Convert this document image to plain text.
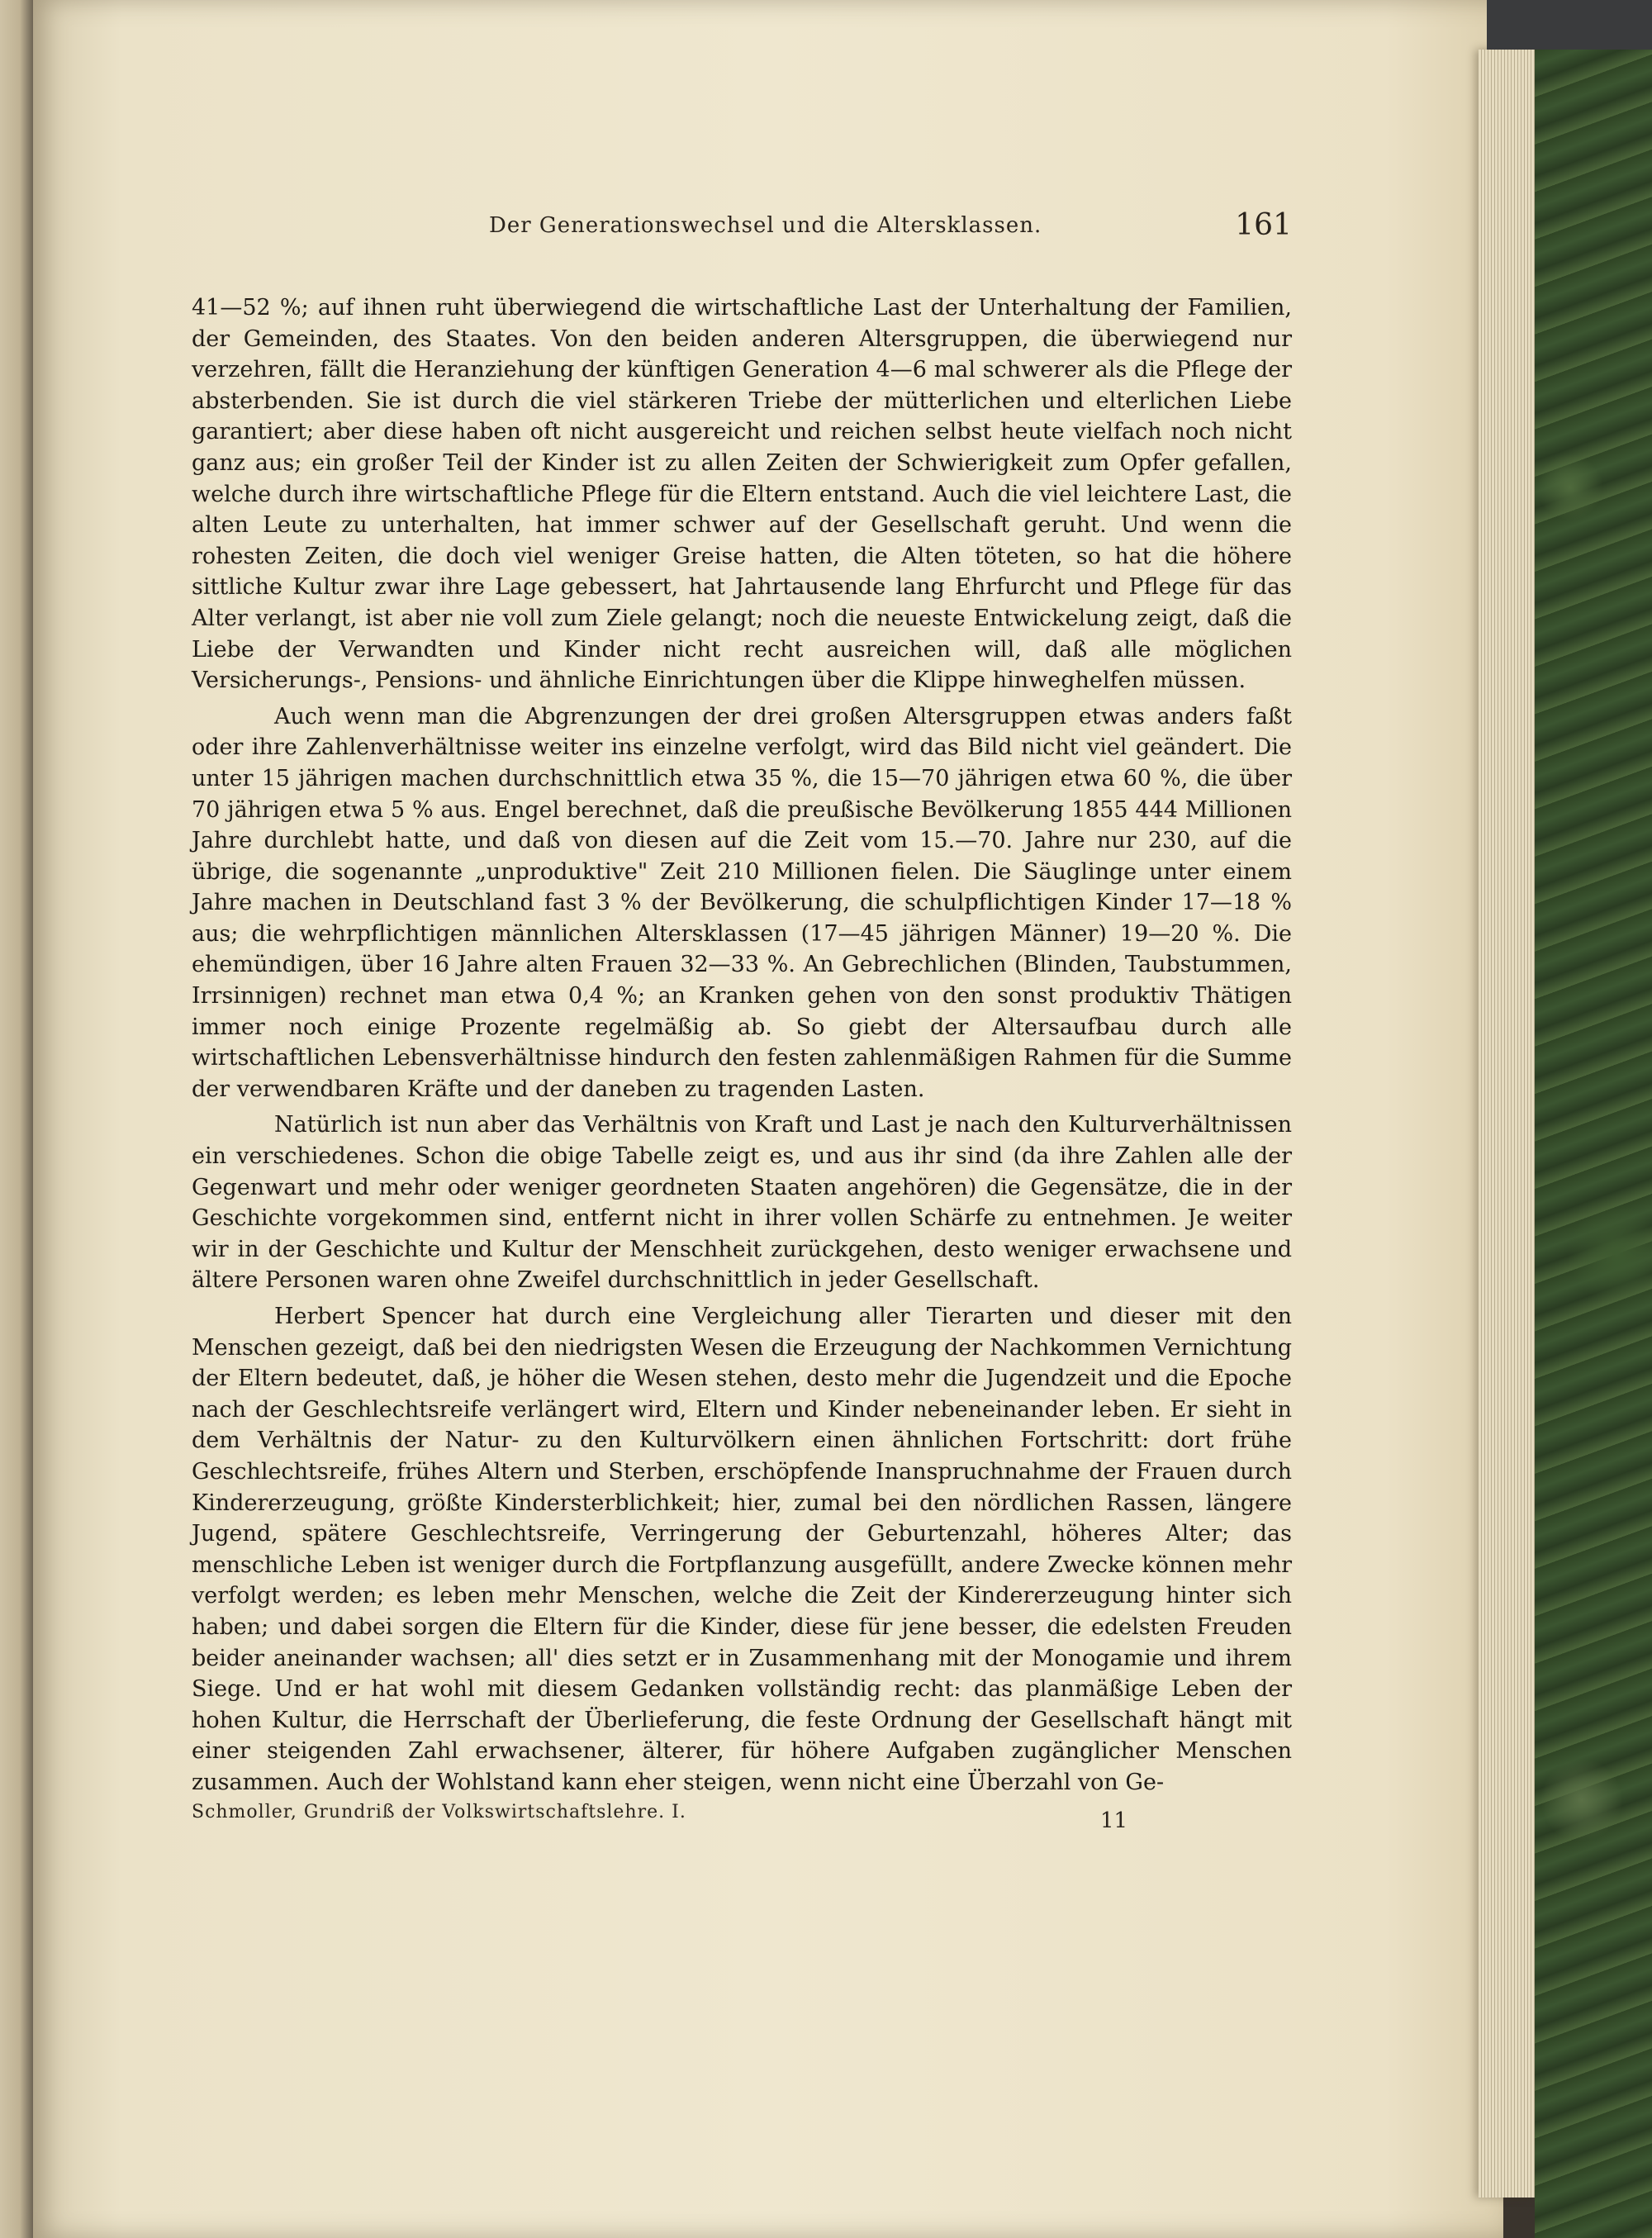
Der Generationswechsel und die Altersklassen.	161

41—52 %; auf ihnen ruht überwiegend die wirtschaftliche Last der Unterhaltung der Familien, der Gemeinden, des Staates. Von den beiden anderen Altersgruppen, die überwiegend nur verzehren, fällt die Heranziehung der künftigen Generation 4—6 mal schwerer als die Pflege der absterbenden. Sie ist durch die viel stärkeren Triebe der mütterlichen und elterlichen Liebe garantiert; aber diese haben oft nicht ausgereicht und reichen selbst heute vielfach noch nicht ganz aus; ein großer Teil der Kinder ist zu allen Zeiten der Schwierigkeit zum Opfer gefallen, welche durch ihre wirtschaftliche Pflege für die Eltern entstand. Auch die viel leichtere Last, die alten Leute zu unterhalten, hat immer schwer auf der Gesellschaft geruht. Und wenn die rohesten Zeiten, die doch viel weniger Greise hatten, die Alten töteten, so hat die höhere sittliche Kultur zwar ihre Lage gebessert, hat Jahrtausende lang Ehrfurcht und Pflege für das Alter verlangt, ist aber nie voll zum Ziele gelangt; noch die neueste Entwickelung zeigt, daß die Liebe der Verwandten und Kinder nicht recht ausreichen will, daß alle möglichen Versicherungs-, Pensions- und ähnliche Einrichtungen über die Klippe hinweghelfen müssen.

Auch wenn man die Abgrenzungen der drei großen Altersgruppen etwas anders faßt oder ihre Zahlenverhältnisse weiter ins einzelne verfolgt, wird das Bild nicht viel geändert. Die unter 15 jährigen machen durchschnittlich etwa 35 %, die 15—70 jährigen etwa 60 %, die über 70 jährigen etwa 5 % aus. Engel berechnet, daß die preußische Bevölkerung 1855 444 Millionen Jahre durchlebt hatte, und daß von diesen auf die Zeit vom 15.—70. Jahre nur 230, auf die übrige, die sogenannte „unproduktive" Zeit 210 Millionen fielen. Die Säuglinge unter einem Jahre machen in Deutschland fast 3 % der Bevölkerung, die schulpflichtigen Kinder 17—18 % aus; die wehrpflichtigen männlichen Altersklassen (17—45 jährigen Männer) 19—20 %. Die ehemündigen, über 16 Jahre alten Frauen 32—33 %. An Gebrechlichen (Blinden, Taubstummen, Irrsinnigen) rechnet man etwa 0,4 %; an Kranken gehen von den sonst produktiv Thätigen immer noch einige Prozente regelmäßig ab. So giebt der Altersaufbau durch alle wirtschaftlichen Lebensverhältnisse hindurch den festen zahlenmäßigen Rahmen für die Summe der verwendbaren Kräfte und der daneben zu tragenden Lasten.

Natürlich ist nun aber das Verhältnis von Kraft und Last je nach den Kulturverhältnissen ein verschiedenes. Schon die obige Tabelle zeigt es, und aus ihr sind (da ihre Zahlen alle der Gegenwart und mehr oder weniger geordneten Staaten angehören) die Gegensätze, die in der Geschichte vorgekommen sind, entfernt nicht in ihrer vollen Schärfe zu entnehmen. Je weiter wir in der Geschichte und Kultur der Menschheit zurückgehen, desto weniger erwachsene und ältere Personen waren ohne Zweifel durchschnittlich in jeder Gesellschaft.

Herbert Spencer hat durch eine Vergleichung aller Tierarten und dieser mit den Menschen gezeigt, daß bei den niedrigsten Wesen die Erzeugung der Nachkommen Vernichtung der Eltern bedeutet, daß, je höher die Wesen stehen, desto mehr die Jugendzeit und die Epoche nach der Geschlechtsreife verlängert wird, Eltern und Kinder nebeneinander leben. Er sieht in dem Verhältnis der Natur- zu den Kulturvölkern einen ähnlichen Fortschritt: dort frühe Geschlechtsreife, frühes Altern und Sterben, erschöpfende Inanspruchnahme der Frauen durch Kindererzeugung, größte Kindersterblichkeit; hier, zumal bei den nördlichen Rassen, längere Jugend, spätere Geschlechtsreife, Verringerung der Geburtenzahl, höheres Alter; das menschliche Leben ist weniger durch die Fortpflanzung ausgefüllt, andere Zwecke können mehr verfolgt werden; es leben mehr Menschen, welche die Zeit der Kindererzeugung hinter sich haben; und dabei sorgen die Eltern für die Kinder, diese für jene besser, die edelsten Freuden beider aneinander wachsen; all' dies setzt er in Zusammenhang mit der Monogamie und ihrem Siege. Und er hat wohl mit diesem Gedanken vollständig recht: das planmäßige Leben der hohen Kultur, die Herrschaft der Überlieferung, die feste Ordnung der Gesellschaft hängt mit einer steigenden Zahl erwachsener, älterer, für höhere Aufgaben zugänglicher Menschen zusammen. Auch der Wohlstand kann eher steigen, wenn nicht eine Überzahl von Ge-

Schmoller, Grundriß der Volkswirtschaftslehre. I.	11
